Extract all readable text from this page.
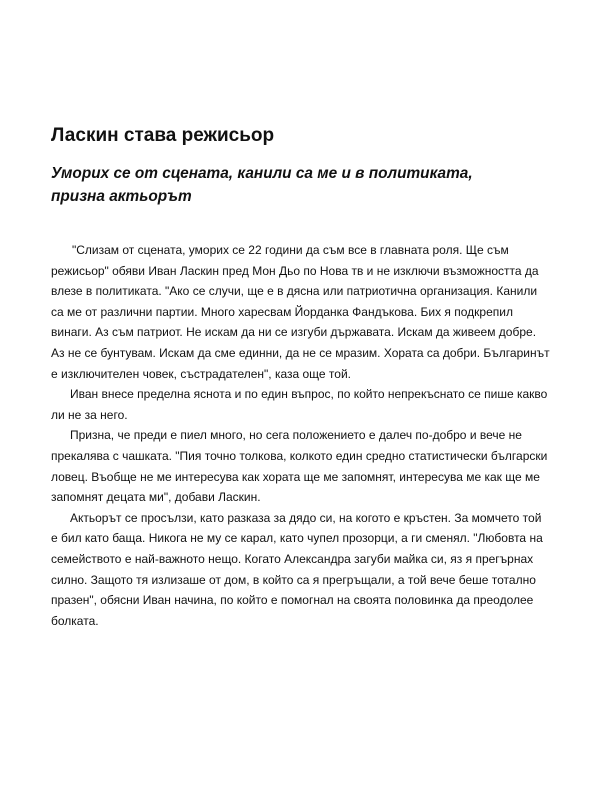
Ласкин става режисьор
Уморих се от сцената, канили са ме и в политиката, призна актьорът

"Слизам от сцената, уморих се 22 години да съм все в главната роля. Ще съм режисьор" обяви Иван Ласкин пред Мон Дьо по Нова тв и не изключи възможността да влезе в политиката. "Ако се случи, ще е в дясна или патриотична организация. Канили са ме от различни партии. Много харесвам Йорданка Фандъкова. Бих я подкрепил винаги. Аз съм патриот. Не искам да ни се изгуби държавата. Искам да живеем добре. Аз не се бунтувам. Искам да сме единни, да не се мразим. Хората са добри. Българинът е изключителен човек, състрадателен", каза още той.

Иван внесе пределна яснота и по един въпрос, по който непрекъснато се пише какво ли не за него.

Призна, че преди е пиел много, но сега положението е далеч по-добро и вече не прекалява с чашката. "Пия точно толкова, колкото един средно статистически български ловец. Въобще не ме интересува как хората ще ме запомнят, интересува ме как ще ме запомнят децата ми", добави Ласкин.

Актьорът се просълзи, като разказа за дядо си, на когото е кръстен. За момчето той е бил като баща. Никога не му се карал, като чупел прозорци, а ги сменял. "Любовта на семейството е най-важното нещо. Когато Александра загуби майка си, яз я прегърнах силно. Защото тя излизаше от дом, в който са я прегръщали, а той вече беше тотално празен", обясни Иван начина, по който е помогнал на своята половинка да преодолее болката.
